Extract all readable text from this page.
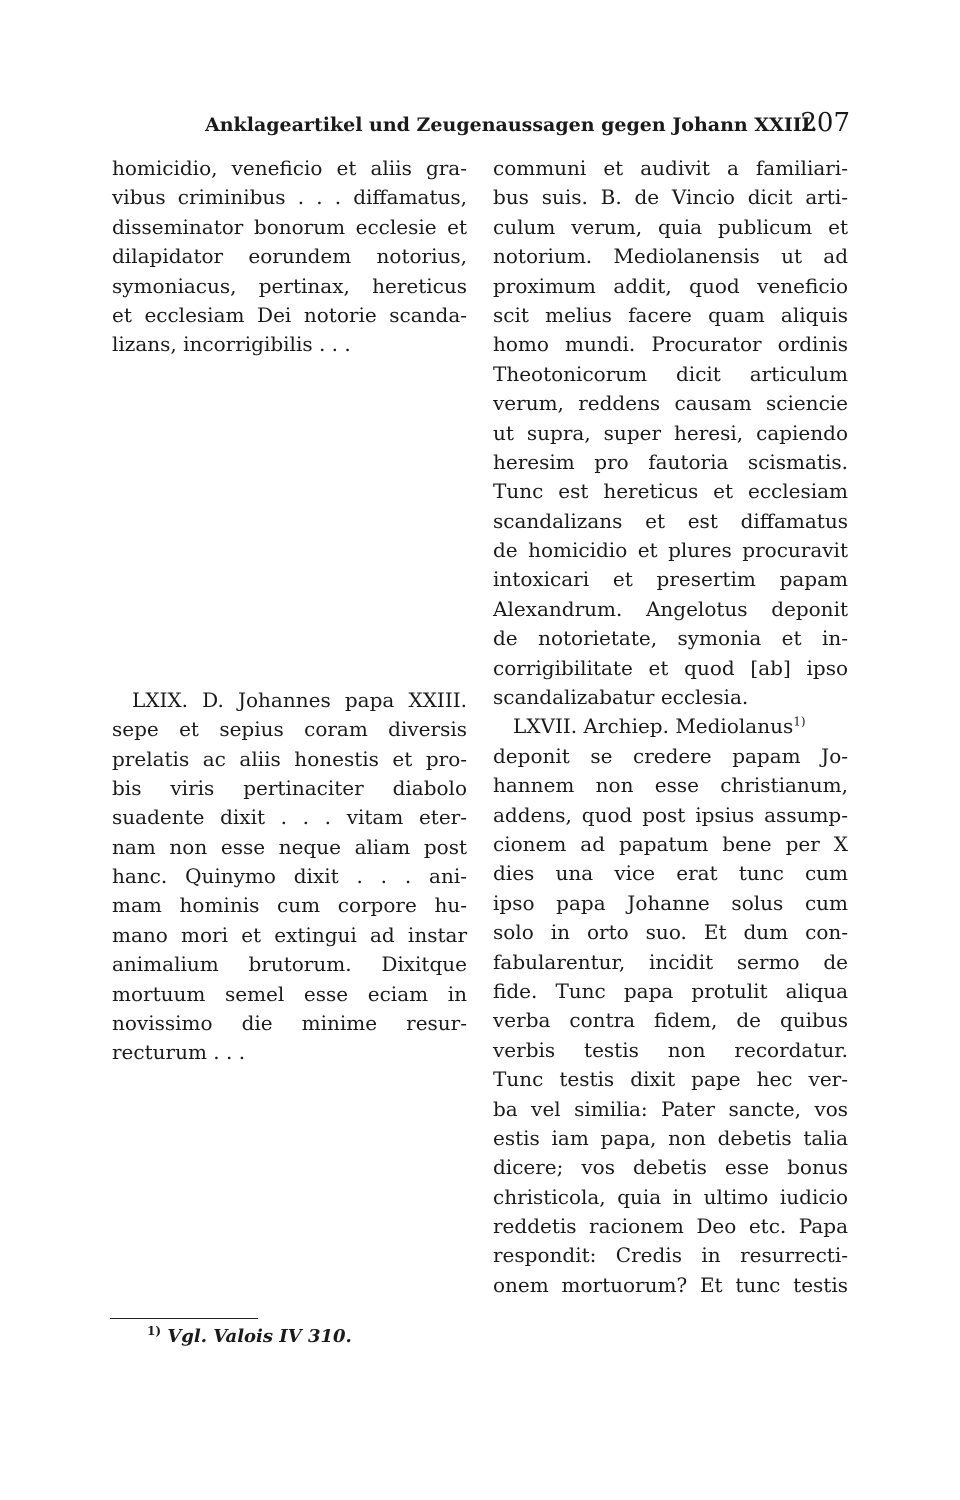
Anklageartikel und Zeugenaussagen gegen Johann XXIII.
207
homicidio, veneficio et aliis gra-
vibus criminibus . . . diffamatus,
disseminator bonorum ecclesie et
dilapidator eorundem notorius,
symoniacus, pertinax, hereticus
et ecclesiam Dei notorie scanda-
lizans, incorrigibilis . . .
LXIX. D. Johannes papa XXIII.
sepe et sepius coram diversis
prelatis ac aliis honestis et pro-
bis viris pertinaciter diabolo
suadente dixit . . . vitam eter-
nam non esse neque aliam post
hanc. Quinymo dixit . . . ani-
mam hominis cum corpore hu-
mano mori et extingui ad instar
animalium brutorum. Dixitque
mortuum semel esse eciam in
novissimo die minime resur-
recturum . . .
communi et audivit a familiari-
bus suis. B. de Vincio dicit arti-
culum verum, quia publicum et
notorium. Mediolanensis ut ad
proximum addit, quod veneficio
scit melius facere quam aliquis
homo mundi. Procurator ordinis
Theotonicorum dicit articulum
verum, reddens causam sciencie
ut supra, super heresi, capiendo
heresim pro fautoria scismatis.
Tunc est hereticus et ecclesiam
scandalizans et est diffamatus
de homicidio et plures procuravit
intoxicari et presertim papam
Alexandrum. Angelotus deponit
de notorietate, symonia et in-
corrigibilitate et quod [ab] ipso
scandalizabatur ecclesia.
LXVII. Archiep. Mediolanus$^{1)}$
deponit se credere papam Jo-
hannem non esse christianum,
addens, quod post ipsius assump-
cionem ad papatum bene per X
dies una vice erat tunc cum
ipso papa Johanne solus cum
solo in orto suo. Et dum con-
fabularentur, incidit sermo de
fide. Tunc papa protulit aliqua
verba contra fidem, de quibus
verbis testis non recordatur.
Tunc testis dixit pape hec ver-
ba vel similia: Pater sancte, vos
estis iam papa, non debetis talia
dicere; vos debetis esse bonus
christicola, quia in ultimo iudicio
reddetis racionem Deo etc. Papa
respondit: Credis in resurrecti-
onem mortuorum? Et tunc testis
$^{1)}$ Vgl. Valois IV 310.
